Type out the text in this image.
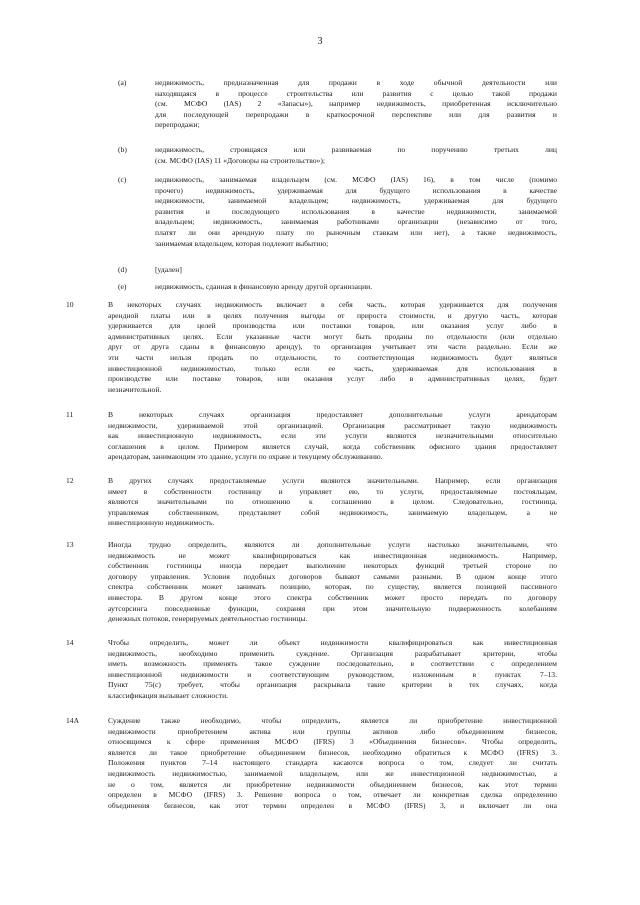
3
(a)	недвижимость, предназначенная для продажи в ходе обычной деятельности или
находящаяся в процессе строительства или развития с целью такой продажи
(см. МСФО (IAS) 2 «Запасы»), например недвижимость, приобретенная исключительно
для последующей перепродажи в краткосрочной перспективе или для развития и
перепродажи;
(b)	недвижимость, строящаяся или развиваемая по поручению третьих лиц
(см. МСФО (IAS) 11 «Договоры на строительство»);
(c)	недвижимость, занимаемая владельцем (см. МСФО (IAS) 16), в том числе (помимо
прочего) недвижимость, удерживаемая для будущего использования в качестве
недвижимости, занимаемой владельцем; недвижимость, удерживаемая для будущего
развития и последующего использования в качестве недвижимости, занимаемой
владельцем; недвижимость, занимаемая работниками организации (независимо от того,
платят ли они арендную плату по рыночным ставкам или нет), а также недвижимость,
занимаемая владельцем, которая подлежит выбытию;
(d)	[удален]
(e)	недвижимость, сданная в финансовую аренду другой организации.
10	В некоторых случаях недвижимость включает в себя часть, которая удерживается для получения
арендной платы или в целях получения выгоды от прироста стоимости, и другую часть, которая
удерживается для целей производства или поставки товаров, или оказания услуг либо в
административных целях. Если указанные части могут быть проданы по отдельности (или отдельно
друг от друга сданы в финансовую аренду), то организация учитывает эти части раздельно. Если же
эти части нельзя продать по отдельности, то соответствующая недвижимость будет являться
инвестиционной недвижимостью, только если ее часть, удерживаемая для использования в
производстве или поставке товаров, или оказания услуг либо в административных целях, будет
незначительной.
11	В некоторых случаях организация предоставляет дополнительные услуги арендаторам
недвижимости, удерживаемой этой организацией. Организация рассматривает такую недвижимость
как инвестиционную недвижимость, если эти услуги являются незначительными относительно
соглашения в целом. Примером является случай, когда собственник офисного здания предоставляет
арендаторам, занимающим это здание, услуги по охране и текущему обслуживанию.
12	В других случаях предоставляемые услуги являются значительными. Например, если организация
имеет в собственности гостиницу и управляет ею, то услуги, предоставляемые постояльцам,
являются значительными по отношению к соглашению в целом. Следовательно, гостиница,
управляемая собственником, представляет собой недвижимость, занимаемую владельцем, а не
инвестиционную недвижимость.
13	Иногда трудно определить, являются ли дополнительные услуги настолько значительными, что
недвижимость не может квалифицироваться как инвестиционная недвижимость. Например,
собственник гостиницы иногда передает выполнение некоторых функций третьей стороне по
договору управления. Условия подобных договоров бывают самыми разными. В одном конце этого
спектра собственник может занимать позицию, которая, по существу, является позицией пассивного
инвестора. В другом конце этого спектра собственник может просто передать по договору
аутсорсинга повседневные функции, сохраняя при этом значительную подверженность колебаниям
денежных потоков, генерируемых деятельностью гостиницы.
14	Чтобы определить, может ли объект недвижимости квалифицироваться как инвестиционная
недвижимость, необходимо применить суждение. Организация разрабатывает критерии, чтобы
иметь возможность применять такое суждение последовательно, в соответствии с определением
инвестиционной недвижимости и соответствующим руководством, изложенным в пунктах 7–13.
Пункт 75(c) требует, чтобы организация раскрывала такие критерии в тех случаях, когда
классификация вызывает сложности.
14A	Суждение также необходимо, чтобы определить, является ли приобретение инвестиционной
недвижимости приобретением актива или группы активов либо объединением бизнесов,
относящимся к сфере применения МСФО (IFRS) 3 «Объединения бизнесов». Чтобы определить,
является ли такое приобретение объединением бизнесов, необходимо обратиться к МСФО (IFRS) 3.
Положения пунктов 7–14 настоящего стандарта касаются вопроса о том, следует ли считать
недвижимость недвижимостью, занимаемой владельцем, или же инвестиционной недвижимостью, а
не о том, является ли приобретение недвижимости объединением бизнесов, как этот термин
определен в МСФО (IFRS) 3. Решение вопроса о том, отвечает ли конкретная сделка определению
объединения бизнесов, как этот термин определен в МСФО (IFRS) 3, и включает ли она
